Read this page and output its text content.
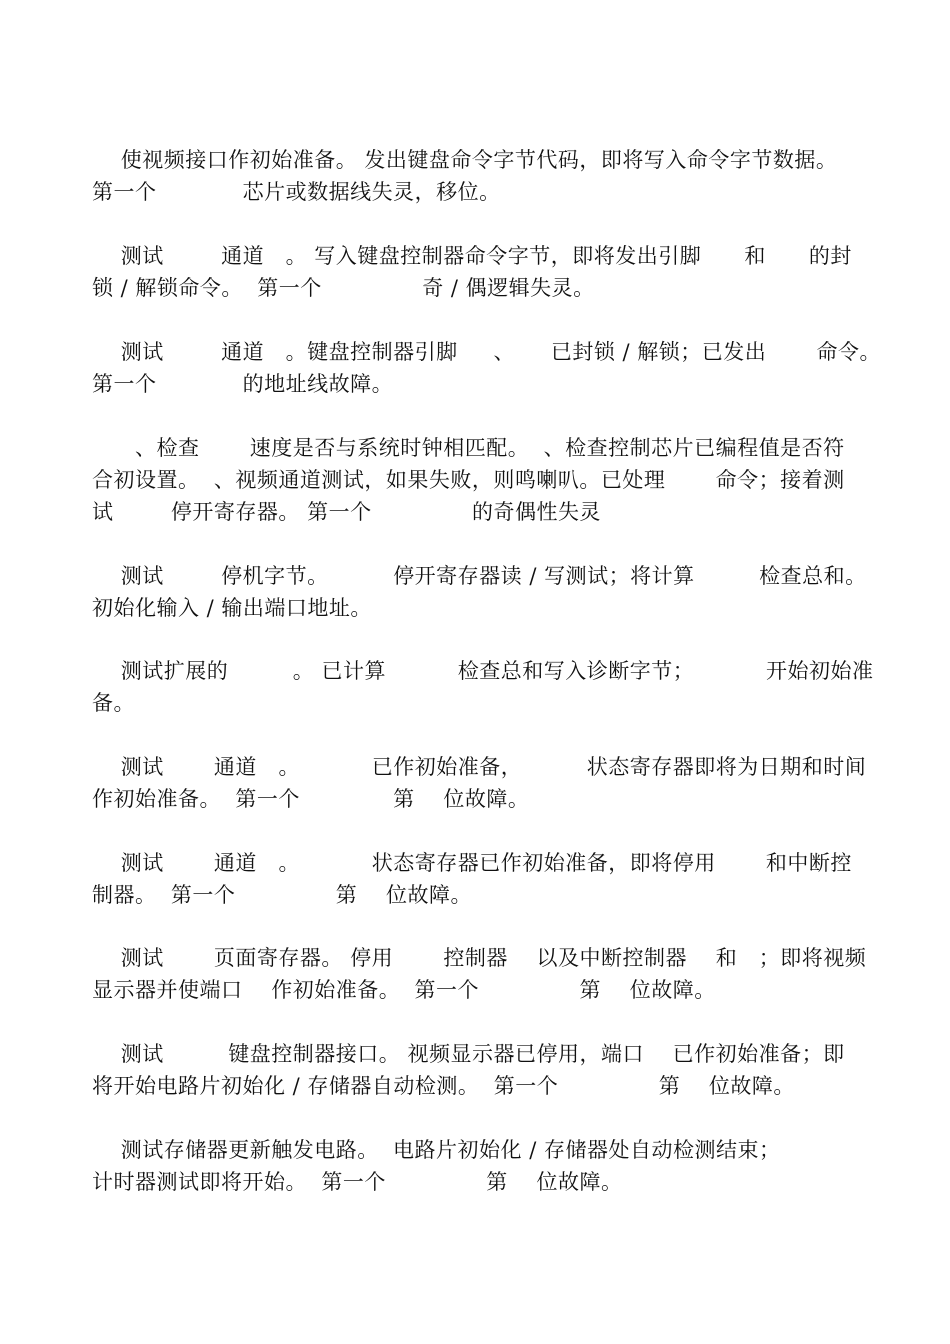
使视频接口作初始准备。 发出键盘命令字节代码，即将写入命令字节数据。
第一个            芯片或数据线失灵，移位。
测试        通道   。 写入键盘控制器命令字节，即将发出引脚      和      的封
锁 / 解锁命令。  第一个              奇 / 偶逻辑失灵。
测试        通道   。键盘控制器引脚     、     已封锁 / 解锁；已发出       命令。
第一个            的地址线故障。
、检查       速度是否与系统时钟相匹配。  、检查控制芯片已编程值是否符
合初设置。  、视频通道测试，如果失败，则鸣喇叭。已处理       命令；接着测
试        停开寄存器。 第一个              的奇偶性失灵
测试        停机字节。         停开寄存器读 / 写测试；将计算         检查总和。
初始化输入 / 输出端口地址。
测试扩展的         。 已计算          检查总和写入诊断字节；          开始初始准
备。
测试       通道   。          已作初始准备，         状态寄存器即将为日期和时间
作初始准备。  第一个             第    位故障。
测试       通道   。          状态寄存器已作初始准备，即将停用       和中断控
制器。  第一个              第    位故障。
测试       页面寄存器。 停用       控制器    以及中断控制器    和   ；即将视频
显示器并使端口    作初始准备。  第一个              第    位故障。
测试         键盘控制器接口。 视频显示器已停用，端口    已作初始准备；即
将开始电路片初始化 / 存储器自动检测。  第一个              第    位故障。
测试存储器更新触发电路。  电路片初始化 / 存储器处自动检测结束；
计时器测试即将开始。  第一个              第    位故障。
